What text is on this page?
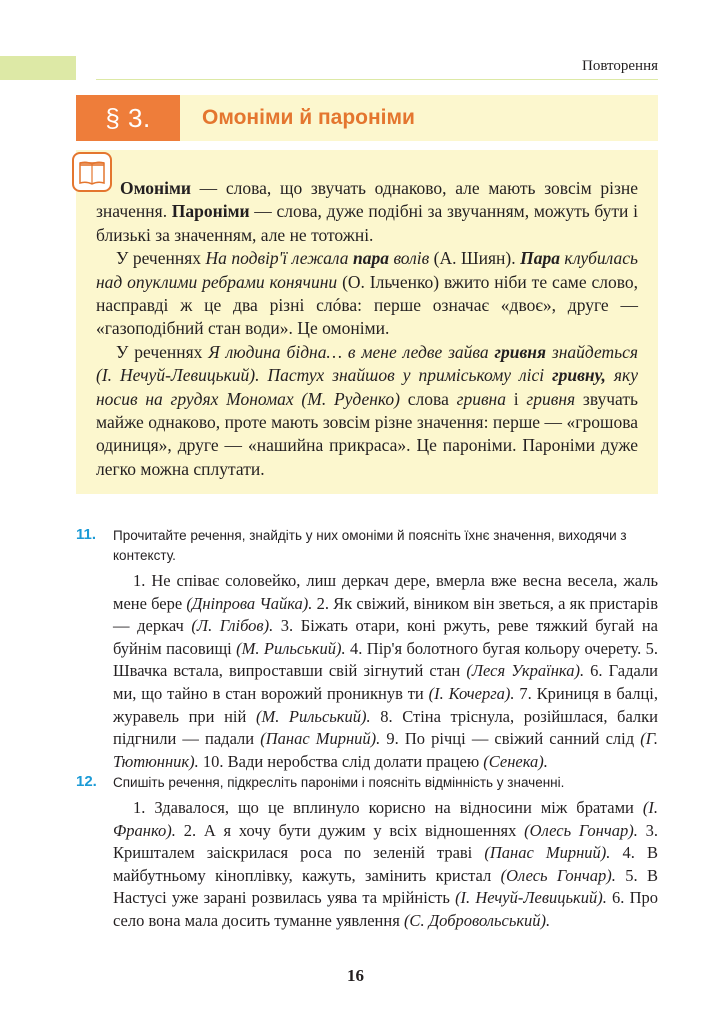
Повторення
§ 3.	Омоніми й пароніми

Омоніми — слова, що звучать однаково, але мають зовсім різне значення. Пароніми — слова, дуже подібні за звучанням, можуть бути і близькі за значенням, але не тотожні.

У реченнях На подвір'ї лежала пара волів (А. Шиян). Пара клубилась над опуклими ребрами конячини (О. Ільченко) вжито ніби те саме слово, насправді ж це два різні слóва: перше означає «двоє», друге — «газоподібний стан води». Це омоніми.

У реченнях Я людина бідна… в мене ледве зайва гривня знайдеться (І. Нечуй-Левицький). Пастух знайшов у приміському лісі гривну, яку носив на грудях Мономах (М. Руденко) слова гривна і гривня звучать майже однаково, проте мають зовсім різне значення: перше — «грошова одиниця», друге — «нашийна прикраса». Це пароніми. Пароніми дуже легко можна сплутати.

11. Прочитайте речення, знайдіть у них омоніми й поясніть їхнє значення, виходячи з контексту.

1. Не співає соловейко, лиш деркач дере, вмерла вже весна весела, жаль мене бере (Дніпрова Чайка). 2. Як свіжий, віником він зветься, а як пристарів — деркач (Л. Глібов). 3. Біжать отари, коні ржуть, реве тяжкий бугай на буйнім пасовищі (М. Рильський). 4. Пір'я болотного бугая кольору очерету. 5. Швачка встала, випроставши свій зігнутий стан (Леся Українка). 6. Гадали ми, що тайно в стан ворожий проникнув ти (І. Кочерга). 7. Криниця в балці, журавель при ній (М. Рильський). 8. Стіна тріснула, розійшлася, балки підгнили — падали (Панас Мирний). 9. По річці — свіжий санний слід (Г. Тютюнник). 10. Вади неробства слід долати працею (Сенека).

12. Спишіть речення, підкресліть пароніми і поясніть відмінність у значенні.

1. Здавалося, що це вплинуло корисно на відносини між братами (І. Франко). 2. А я хочу бути дужим у всіх відношеннях (Олесь Гончар). 3. Кришталем заіскрилася роса по зеленій траві (Панас Мирний). 4. В майбутньому кіноплівку, кажуть, замінить кристал (Олесь Гончар). 5. В Настусі уже зарані розвилась уява та мрійність (І. Нечуй-Левицький). 6. Про село вона мала досить туманне уявлення (С. Добровольський).

16
